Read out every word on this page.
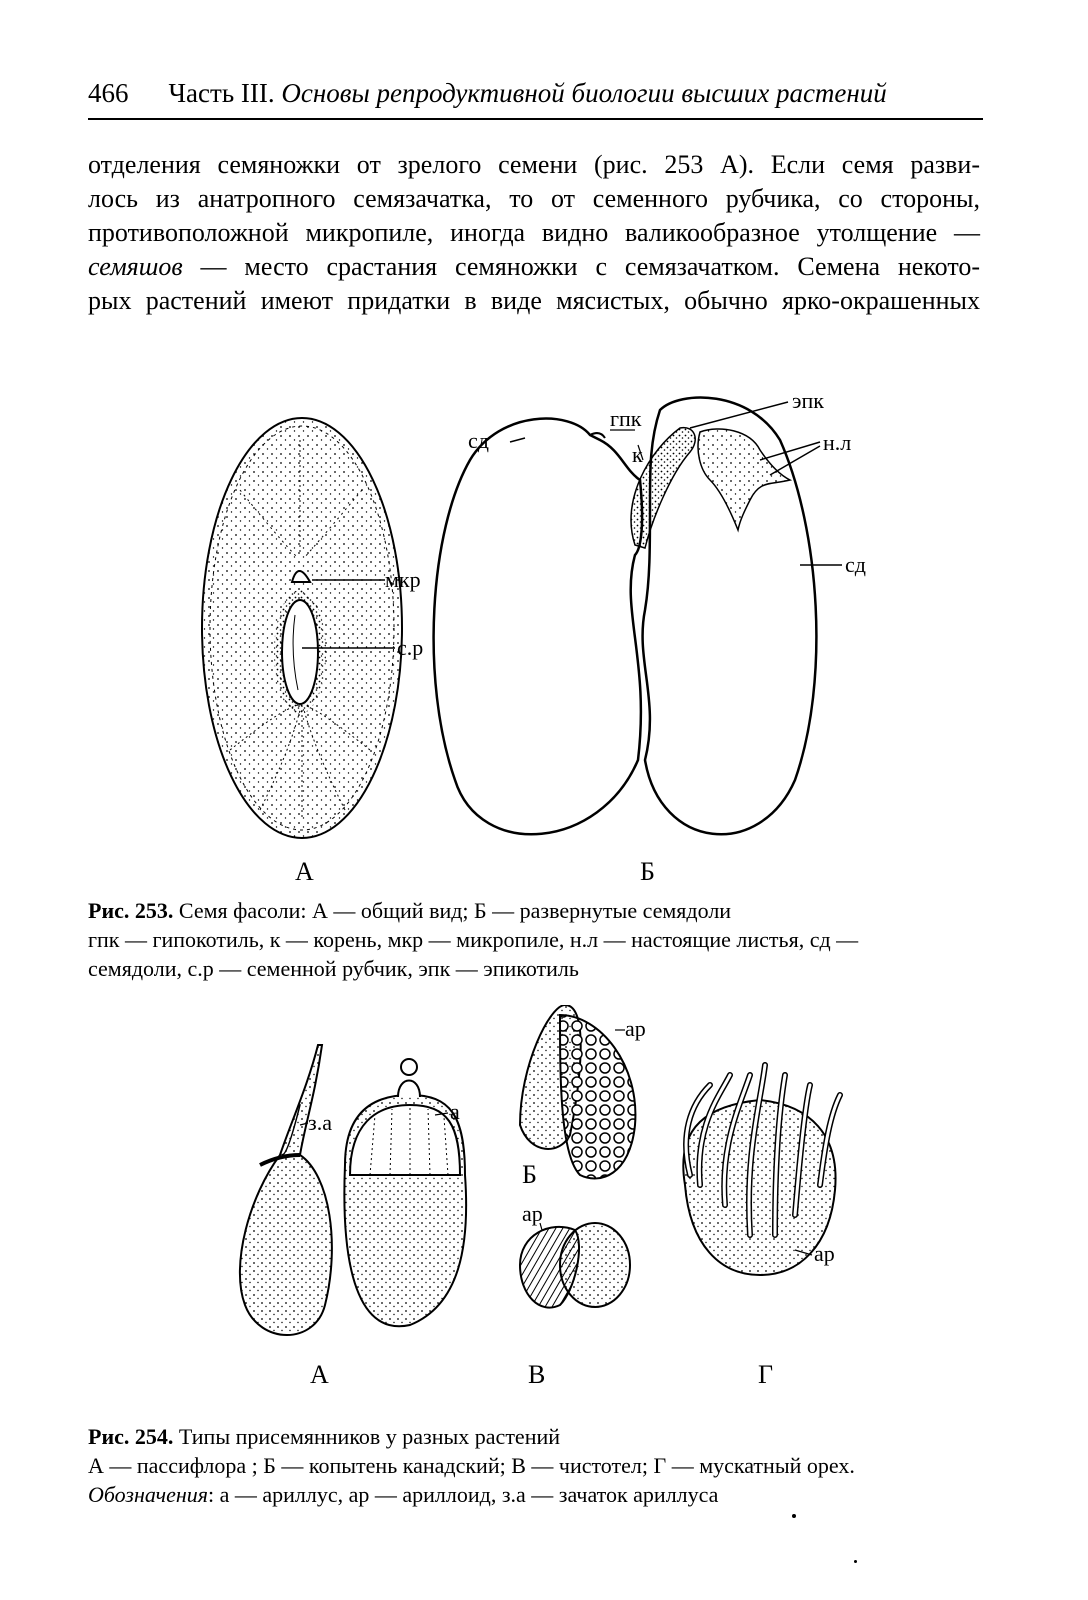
466 Часть III. Основы репродуктивной биологии высших растений
отделения семяножки от зрелого семени (рис. 253 А). Если семя разви-
лось из анатропного семязачатка, то от семенного рубчика, со стороны,
противоположной микропиле, иногда видно валикообразное утолщение —
семяшов — место срастания семяножки с семязачатком. Семена некото-
рых растений имеют придатки в виде мясистых, обычно ярко-окрашенных
мкр
с.р
А
сд
гпк
к
эпк
н.л
сд
Б
Рис. 253. Семя фасоли: А — общий вид; Б — развернутые семядоли
гпк — гипокотиль, к — корень, мкр — микропиле, н.л — настоящие листья, сд —
семядоли, с.р — семенной рубчик, эпк — эпикотиль
з.а	а
А
ар
Б
ар
В
ар
Г
Рис. 254. Типы присемянников у разных растений
А — пассифлора ; Б — копытень канадский; В — чистотел; Г — мускатный орех.
Обозначения: а — ариллус, ар — ариллоид, з.а — зачаток ариллуса
